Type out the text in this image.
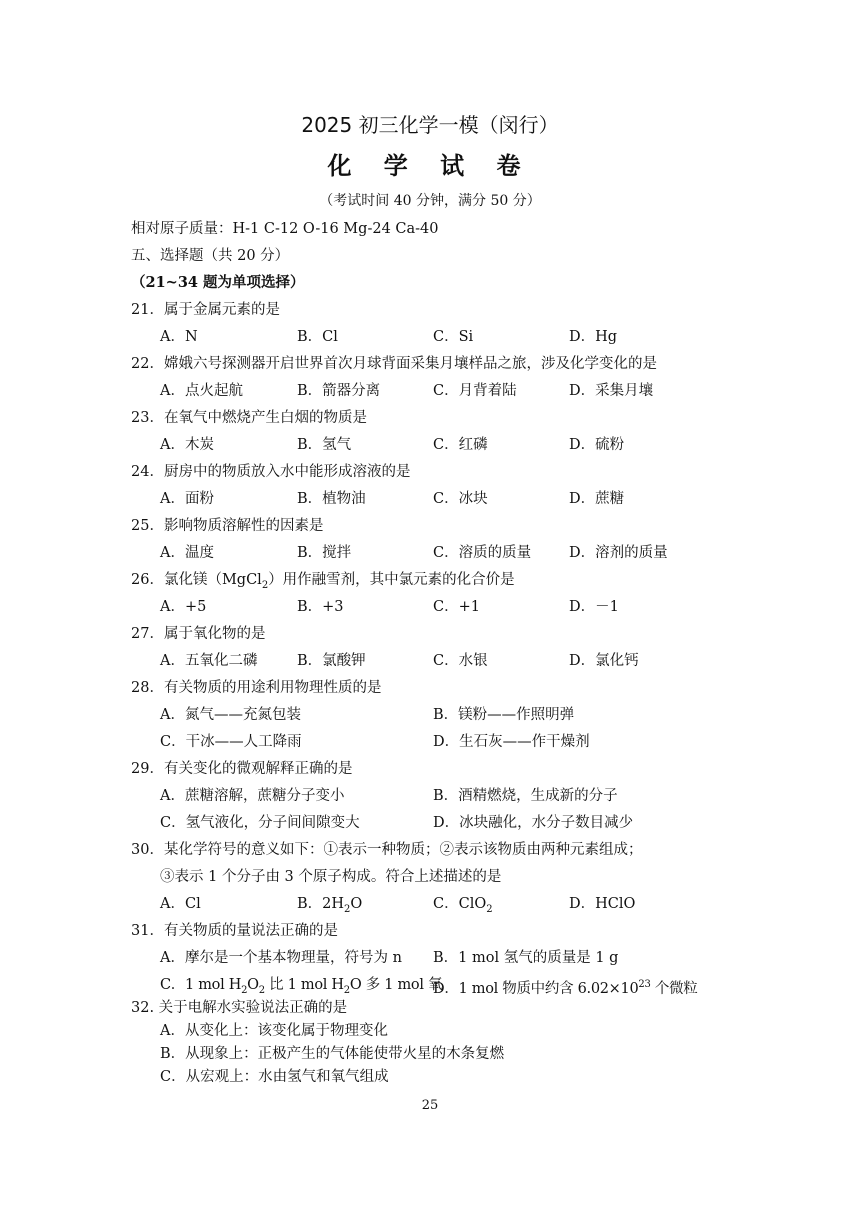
2025 初三化学一模（闵行）
化 学 试 卷
（考试时间 40 分钟，满分 50 分）
相对原子质量：H-1 C-12 O-16 Mg-24 Ca-40
五、选择题（共 20 分）
（21~34 题为单项选择）
21．属于金属元素的是
A．N	B．Cl	C．Si	D．Hg
22．嫦娥六号探测器开启世界首次月球背面采集月壤样品之旅，涉及化学变化的是
A．点火起航	B．箭器分离	C．月背着陆	D．采集月壤
23．在氧气中燃烧产生白烟的物质是
A．木炭	B．氢气	C．红磷	D．硫粉
24．厨房中的物质放入水中能形成溶液的是
A．面粉	B．植物油	C．冰块	D．蔗糖
25．影响物质溶解性的因素是
A．温度	B．搅拌	C．溶质的质量	D．溶剂的质量
26．氯化镁（MgCl$_2$）用作融雪剂，其中氯元素的化合价是
A．+5	B．+3	C．+1	D．－1
27．属于氧化物的是
A．五氧化二磷	B．氯酸钾	C．水银	D．氯化钙
28．有关物质的用途利用物理性质的是
A．氮气——充氮包装	B．镁粉——作照明弹
C．干冰——人工降雨	D．生石灰——作干燥剂
29．有关变化的微观解释正确的是
A．蔗糖溶解，蔗糖分子变小	B．酒精燃烧，生成新的分子
C．氢气液化，分子间间隙变大	D．冰块融化，水分子数目减少
30．某化学符号的意义如下：①表示一种物质；②表示该物质由两种元素组成；
③表示 1 个分子由 3 个原子构成。符合上述描述的是
A．Cl	B．$2H_2O$	C．ClO$_2$	D．HClO
31．有关物质的量说法正确的是
A．摩尔是一个基本物理量，符号为 n B．1 mol 氢气的质量是 1 g
C．1 mol $H_2O_2$ 比 1 mol $H_2O$ 多 1 mol 氧
D．1 mol 物质中约含 $6.02\times 10^{23}$ 个微粒
32. 关于电解水实验说法正确的是
A．从变化上：该变化属于物理变化
B．从现象上：正极产生的气体能使带火星的木条复燃
C．从宏观上：水由氢气和氧气组成
25
